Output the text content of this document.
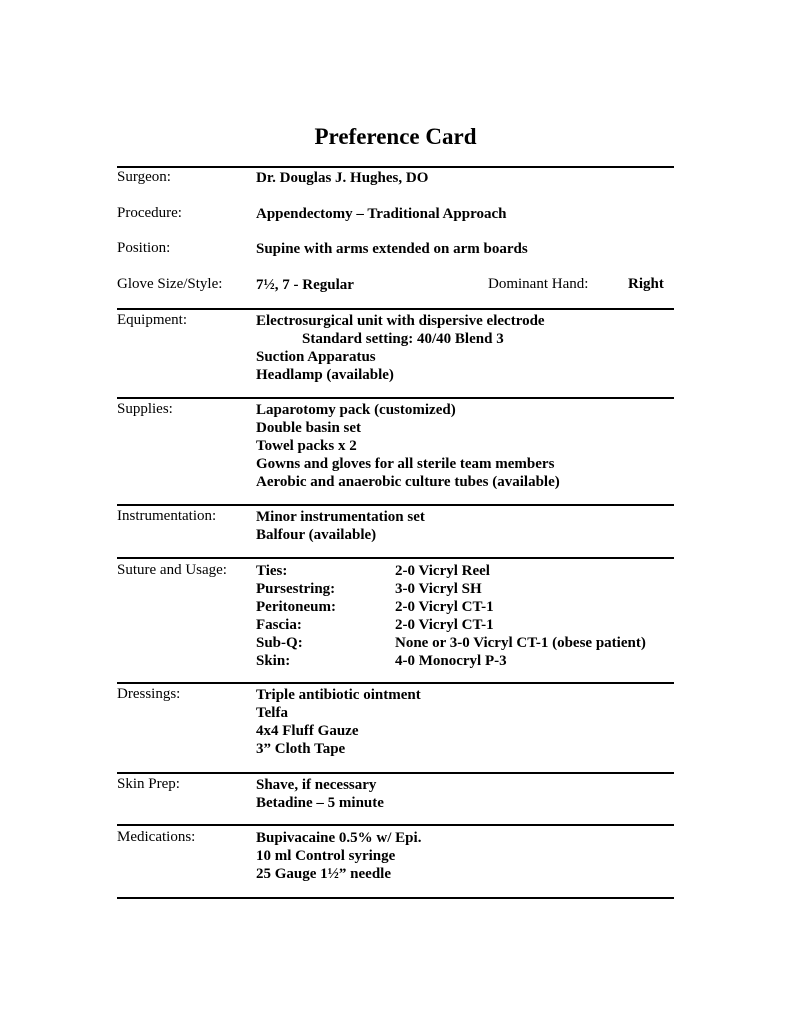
Preference Card
Surgeon:	Dr. Douglas J. Hughes, DO
Procedure:	Appendectomy – Traditional Approach
Position:	Supine with arms extended on arm boards
Glove Size/Style: 7½, 7 - Regular	Dominant Hand:	Right
Equipment:	Electrosurgical unit with dispersive electrode
Standard setting: 40/40 Blend 3
Suction Apparatus
Headlamp (available)
Supplies:	Laparotomy pack (customized)
Double basin set
Towel packs x 2
Gowns and gloves for all sterile team members
Aerobic and anaerobic culture tubes (available)
Instrumentation:	Minor instrumentation set
Balfour (available)
Suture and Usage: Ties:	2-0 Vicryl Reel
Pursestring:	3-0 Vicryl SH
Peritoneum:	2-0 Vicryl CT-1
Fascia:	2-0 Vicryl CT-1
Sub-Q:	None or 3-0 Vicryl CT-1 (obese patient)
Skin:	4-0 Monocryl P-3
Dressings:	Triple antibiotic ointment
Telfa
4x4 Fluff Gauze
3” Cloth Tape
Skin Prep:	Shave, if necessary
Betadine – 5 minute
Medications:	Bupivacaine 0.5% w/ Epi.
10 ml Control syringe
25 Gauge 1½” needle
